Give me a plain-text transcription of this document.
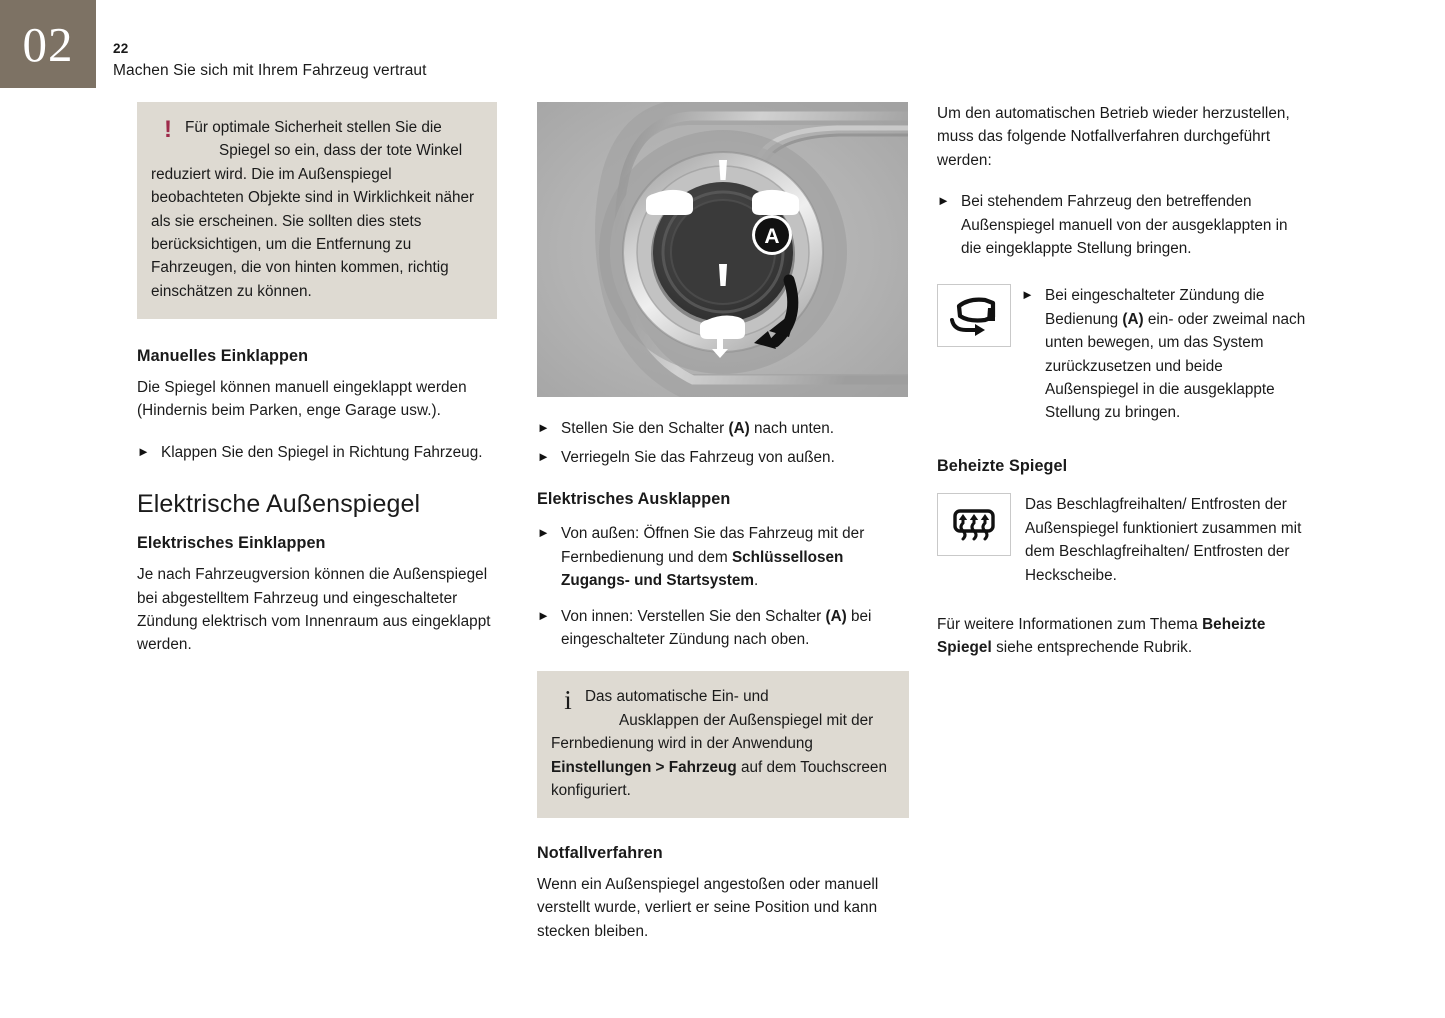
02	22
Machen Sie sich mit Ihrem Fahrzeug vertraut
! Für optimale Sicherheit stellen Sie die
Spiegel so ein, dass der tote Winkel reduziert wird. Die im Außenspiegel beobachteten Objekte sind in Wirklichkeit näher als sie erscheinen. Sie sollten dies stets berücksichtigen, um die Entfernung zu Fahrzeugen, die von hinten kommen, richtig einschätzen zu können.
Manuelles Einklappen

Die Spiegel können manuell eingeklappt werden (Hindernis beim Parken, enge Garage usw.).

► Klappen Sie den Spiegel in Richtung Fahrzeug.
Elektrische Außenspiegel
Elektrisches Einklappen

Je nach Fahrzeugversion können die Außenspiegel bei abgestelltem Fahrzeug und eingeschalteter Zündung elektrisch vom Innenraum aus eingeklappt werden.

A
► Stellen Sie den Schalter (A) nach unten.
► Verriegeln Sie das Fahrzeug von außen.
Elektrisches Ausklappen
► Von außen: Öffnen Sie das Fahrzeug mit der Fernbedienung und dem Schlüssellosen Zugangs- und Startsystem.
► Von innen: Verstellen Sie den Schalter (A) bei eingeschalteter Zündung nach oben.
i Das automatische Ein- und
Ausklappen der Außenspiegel mit der Fernbedienung wird in der Anwendung Einstellungen > Fahrzeug auf dem Touchscreen konfiguriert.
Notfallverfahren

Wenn ein Außenspiegel angestoßen oder manuell verstellt wurde, verliert er seine Position und kann stecken bleiben.

Um den automatischen Betrieb wieder herzustellen, muss das folgende Notfallverfahren durchgeführt werden:

► Bei stehendem Fahrzeug den betreffenden Außenspiegel manuell von der ausgeklappten in die eingeklappte Stellung bringen.
► Bei eingeschalteter Zündung die Bedienung (A) ein- oder zweimal nach unten bewegen, um das System zurückzusetzen und beide Außenspiegel in die ausgeklappte Stellung zu bringen.
Beheizte Spiegel
Das Beschlagfreihalten/ Entfrosten der Außenspiegel funktioniert zusammen mit dem Beschlagfreihalten/ Entfrosten der Heckscheibe.

Für weitere Informationen zum Thema Beheizte Spiegel siehe entsprechende Rubrik.
